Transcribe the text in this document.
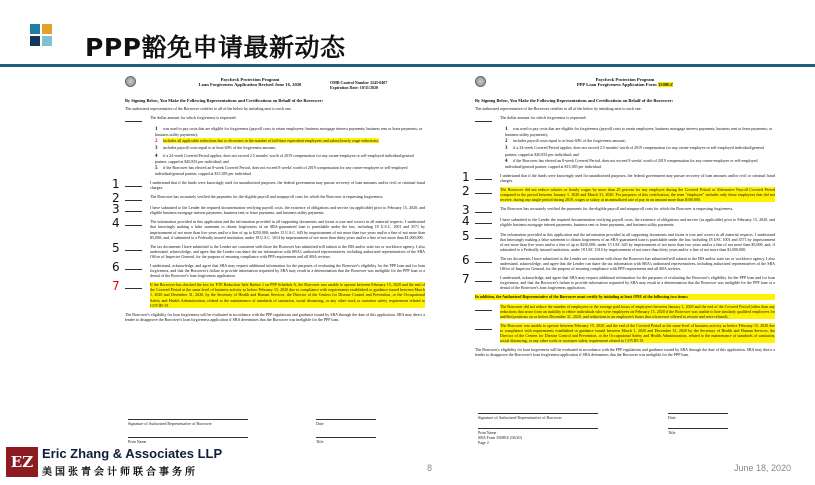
PPP豁免申请最新动态
Paycheck Protection Program
Loan Forgiveness Application Revised June 16, 2020	OMB Control Number 3245-0407
Expiration Date: 10/31/2020
By Signing Below, You Make the Following Representations and Certifications on Behalf of the Borrower:
The authorized representative of the Borrower certifies to all of the below by initialing next to each one.
The dollar amount for which forgiveness is requested:
1 was used to pay costs that are eligible for forgiveness (payroll costs to retain employees; business mortgage interest payments; business rent or lease payments; or business utility payments);
2 includes all applicable reductions due to decreases in the number of full-time equivalent employees and salary/hourly wage reductions;
3 includes payroll costs equal to at least 60% of the forgiveness amount;
4 if a 24-week Covered Period applies, does not exceed 2.5 months' worth of 2019 compensation for any owner-employee or self-employed individual/general partner, capped at $20,833 per individual; and
5 if the Borrower has elected an 8-week Covered Period, does not exceed 8 weeks' worth of 2019 compensation for any owner-employee or self-employed individual/general partner, capped at $15,385 per individual.
I understand that if the funds were knowingly used for unauthorized purposes, the federal government may pursue recovery of loan amounts and/or civil or criminal fraud charges.
The Borrower has accurately verified the payments for the eligible payroll and nonpayroll costs for which the Borrower is requesting forgiveness.
I have submitted to the Lender the required documentation verifying payroll costs, the existence of obligations and service (as applicable) prior to February 15, 2020, and eligible business mortgage interest payments, business rent or lease payments, and business utility payments.
The information provided in this application and the information provided in all supporting documents and forms is true and correct in all material respects. I understand that knowingly making a false statement to obtain forgiveness of an SBA-guaranteed loan is punishable under the law, including 18 U.S.C. 1001 and 3571 by imprisonment of not more than five years and/or a fine of up to $250,000; under 15 U.S.C. 645 by imprisonment of not more than two years and/or a fine of not more than $5,000; and, if submitted to a Federally insured institution, under 18 U.S.C. 1014 by imprisonment of not more than thirty years and/or a fine of not more than $1,000,000.
The tax documents I have submitted to the Lender are consistent with those the Borrower has submitted/will submit to the IRS and/or state tax or workforce agency. I also understand, acknowledge, and agree that the Lender can share the tax information with SBA's authorized representatives, including authorized representatives of the SBA Office of Inspector General, for the purpose of ensuring compliance with PPP requirements and all SBA reviews.
I understand, acknowledge, and agree that SBA may request additional information for the purposes of evaluating the Borrower's eligibility for the PPP loan and for loan forgiveness, and that the Borrower's failure to provide information requested by SBA may result in a determination that the Borrower was ineligible for the PPP loan or a denial of the Borrower's loan forgiveness application.
If the Borrower has checked the box for FTE Reduction Safe Harbor 1 on PPP Schedule A, the Borrower was unable to operate between February 15, 2020 and the end of the Covered Period at the same level of business activity as before February 15, 2020 due to compliance with requirements established or guidance issued between March 1, 2020 and December 31, 2020, by the Secretary of Health and Human Services, the Director of the Centers for Disease Control and Prevention, or the Occupational Safety and Health Administration, related to the maintenance of standards of sanitation, social distancing, or any other work or customer safety requirement related to COVID-19.
The Borrower's eligibility for loan forgiveness will be evaluated in accordance with the PPP regulations and guidance issued by SBA through the date of this application. SBA may direct a lender to disapprove the Borrower's loan forgiveness application if SBA determines that the Borrower was ineligible for the PPP loan.
Paycheck Protection Program
PPP Loan Forgiveness Application Form 3508EZ
By Signing Below, You Make the Following Representations and Certifications on Behalf of the Borrower:
The authorized representative of the Borrower certifies to all of the below by initialing next to each one.
The dollar amount for which forgiveness is requested:
1 was used to pay costs that are eligible for forgiveness (payroll costs to retain employees; business mortgage interest payments; business rent or lease payments; or business utility payments);
2 includes payroll costs equal to at least 60% of the forgiveness amount;
3 if a 24-week Covered Period applies, does not exceed 2.5 months' worth of 2019 compensation for any owner-employee or self-employed individual/general partner, capped at $20,833 per individual; and
4 if the Borrower has elected an 8-week Covered Period, does not exceed 8 weeks' worth of 2019 compensation for any owner-employee or self-employed individual/general partner, capped at $15,385 per individual.
I understand that if the funds were knowingly used for unauthorized purposes, the federal government may pursue recovery of loan amounts and/or civil or criminal fraud charges.
The Borrower did not reduce salaries or hourly wages by more than 25 percent for any employee during the Covered Period or Alternative Payroll Covered Period compared to the period between January 1, 2020 and March 31, 2020. For purposes of this certification, the term "employee" includes only those employees that did not receive, during any single period during 2019, wages or salary at an annualized rate of pay in an amount more than $100,000.
The Borrower has accurately verified the payments for the eligible payroll and nonpayroll costs for which the Borrower is requesting forgiveness.
I have submitted to the Lender the required documentation verifying payroll costs, the existence of obligations and service (as applicable) prior to February 15, 2020, and eligible business mortgage interest payments, business rent or lease payments, and business utility payments.
The information provided in this application and the information provided in all supporting documents and forms is true and correct in all material respects. I understand that knowingly making a false statement to obtain forgiveness of an SBA-guaranteed loan is punishable under the law, including 18 USC 1001 and 3571 by imprisonment of not more than five years and/or a fine of up to $250,000; under 15 USC 645 by imprisonment of not more than two years and/or a fine of not more than $5,000; and, if submitted to a Federally insured institution, under 18 USC 1014 by imprisonment of not more than thirty years and/or a fine of not more than $1,000,000.
The tax documents I have submitted to the Lender are consistent with those the Borrower has submitted/will submit to the IRS and/or state tax or workforce agency. I also understand, acknowledge, and agree that the Lender can share the tax information with SBA's authorized representatives, including authorized representatives of the SBA Office of Inspector General, for the purpose of ensuring compliance with PPP requirements and all SBA reviews.
I understand, acknowledge, and agree that SBA may request additional information for the purposes of evaluating the Borrower's eligibility for the PPP loan and for loan forgiveness, and that the Borrower's failure to provide information requested by SBA may result in a determination that the Borrower was ineligible for the PPP loan or a denial of the Borrower's loan forgiveness application.
In addition, the Authorized Representative of the Borrower must certify by initialing at least ONE of the following two items:
The Borrower did not reduce the number of employees or the average paid hours of employees between January 1, 2020 and the end of the Covered Period (other than any reductions that arose from an inability to rehire individuals who were employees on February 15, 2020 if the Borrower was unable to hire similarly qualified employees for unfilled positions on or before December 31, 2020, and reductions in an employee's hours that a borrower offered to restore and were refused).
The Borrower was unable to operate between February 15, 2020, and the end of the Covered Period at the same level of business activity as before February 15, 2020 due to compliance with requirements established or guidance issued between March 1, 2020 and December 31, 2020 by the Secretary of Health and Human Services, the Director of the Centers for Disease Control and Prevention, or the Occupational Safety and Health Administration, related to the maintenance of standards of sanitation, social distancing, or any other work or customer safety requirement related to COVID-19.
The Borrower's eligibility for loan forgiveness will be evaluated in accordance with the PPP regulations and guidance issued by SBA through the date of this application. SBA may direct a lender to disapprove the Borrower's loan forgiveness application if SBA determines that the Borrower was ineligible for the PPP loan.
1
2
3
4
5
6
7
1
2
3
4
5
6
7
Signature of Authorized Representative of Borrower	Date
Print Name	Title
Signature of Authorized Representative of Borrower	Date
Print Name
SBA Form 3508EZ (06/20)
Page 2
Title
EZ Eric Zhang & Associates LLP
美国张青会计师联合事务所	8	June 18, 2020
